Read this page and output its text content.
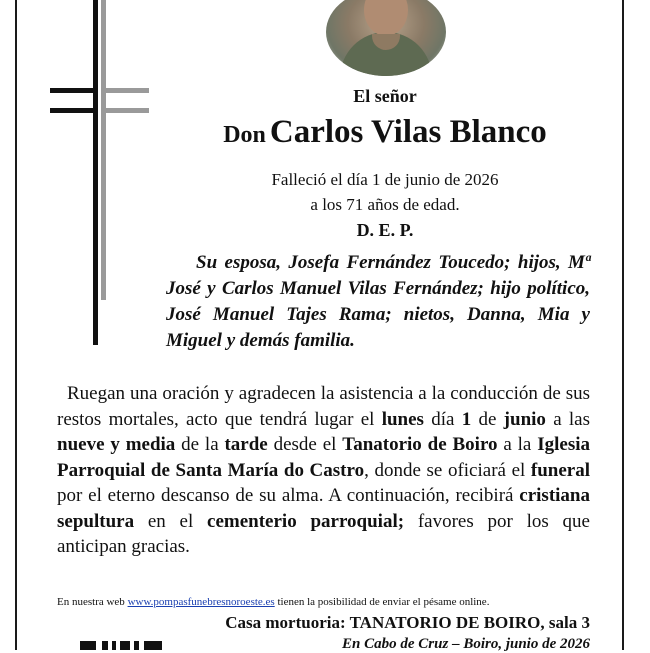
El señor
Don Carlos Vilas Blanco
Falleció el día 1 de junio de 2026
a los 71 años de edad.
D. E. P.
Su esposa, Josefa Fernández Toucedo; hijos, Mª José y Carlos Manuel Vilas Fernández; hijo político, José Manuel Tajes Rama; nietos, Danna, Mia y Miguel y demás familia.
Ruegan una oración y agradecen la asistencia a la conducción de sus restos mortales, acto que tendrá lugar el lunes día 1 de junio a las nueve y media de la tarde desde el Tanatorio de Boiro a la Iglesia Parroquial de Santa María do Castro, donde se oficiará el funeral por el eterno descanso de su alma. A continuación, recibirá cristiana sepultura en el cementerio parroquial; favores por los que anticipan gracias.
En nuestra web www.pompasfunebresnoroeste.es tienen la posibilidad de enviar el pésame online.
Casa mortuoria: TANATORIO DE BOIRO, sala 3
En Cabo de Cruz – Boiro, junio de 2026
